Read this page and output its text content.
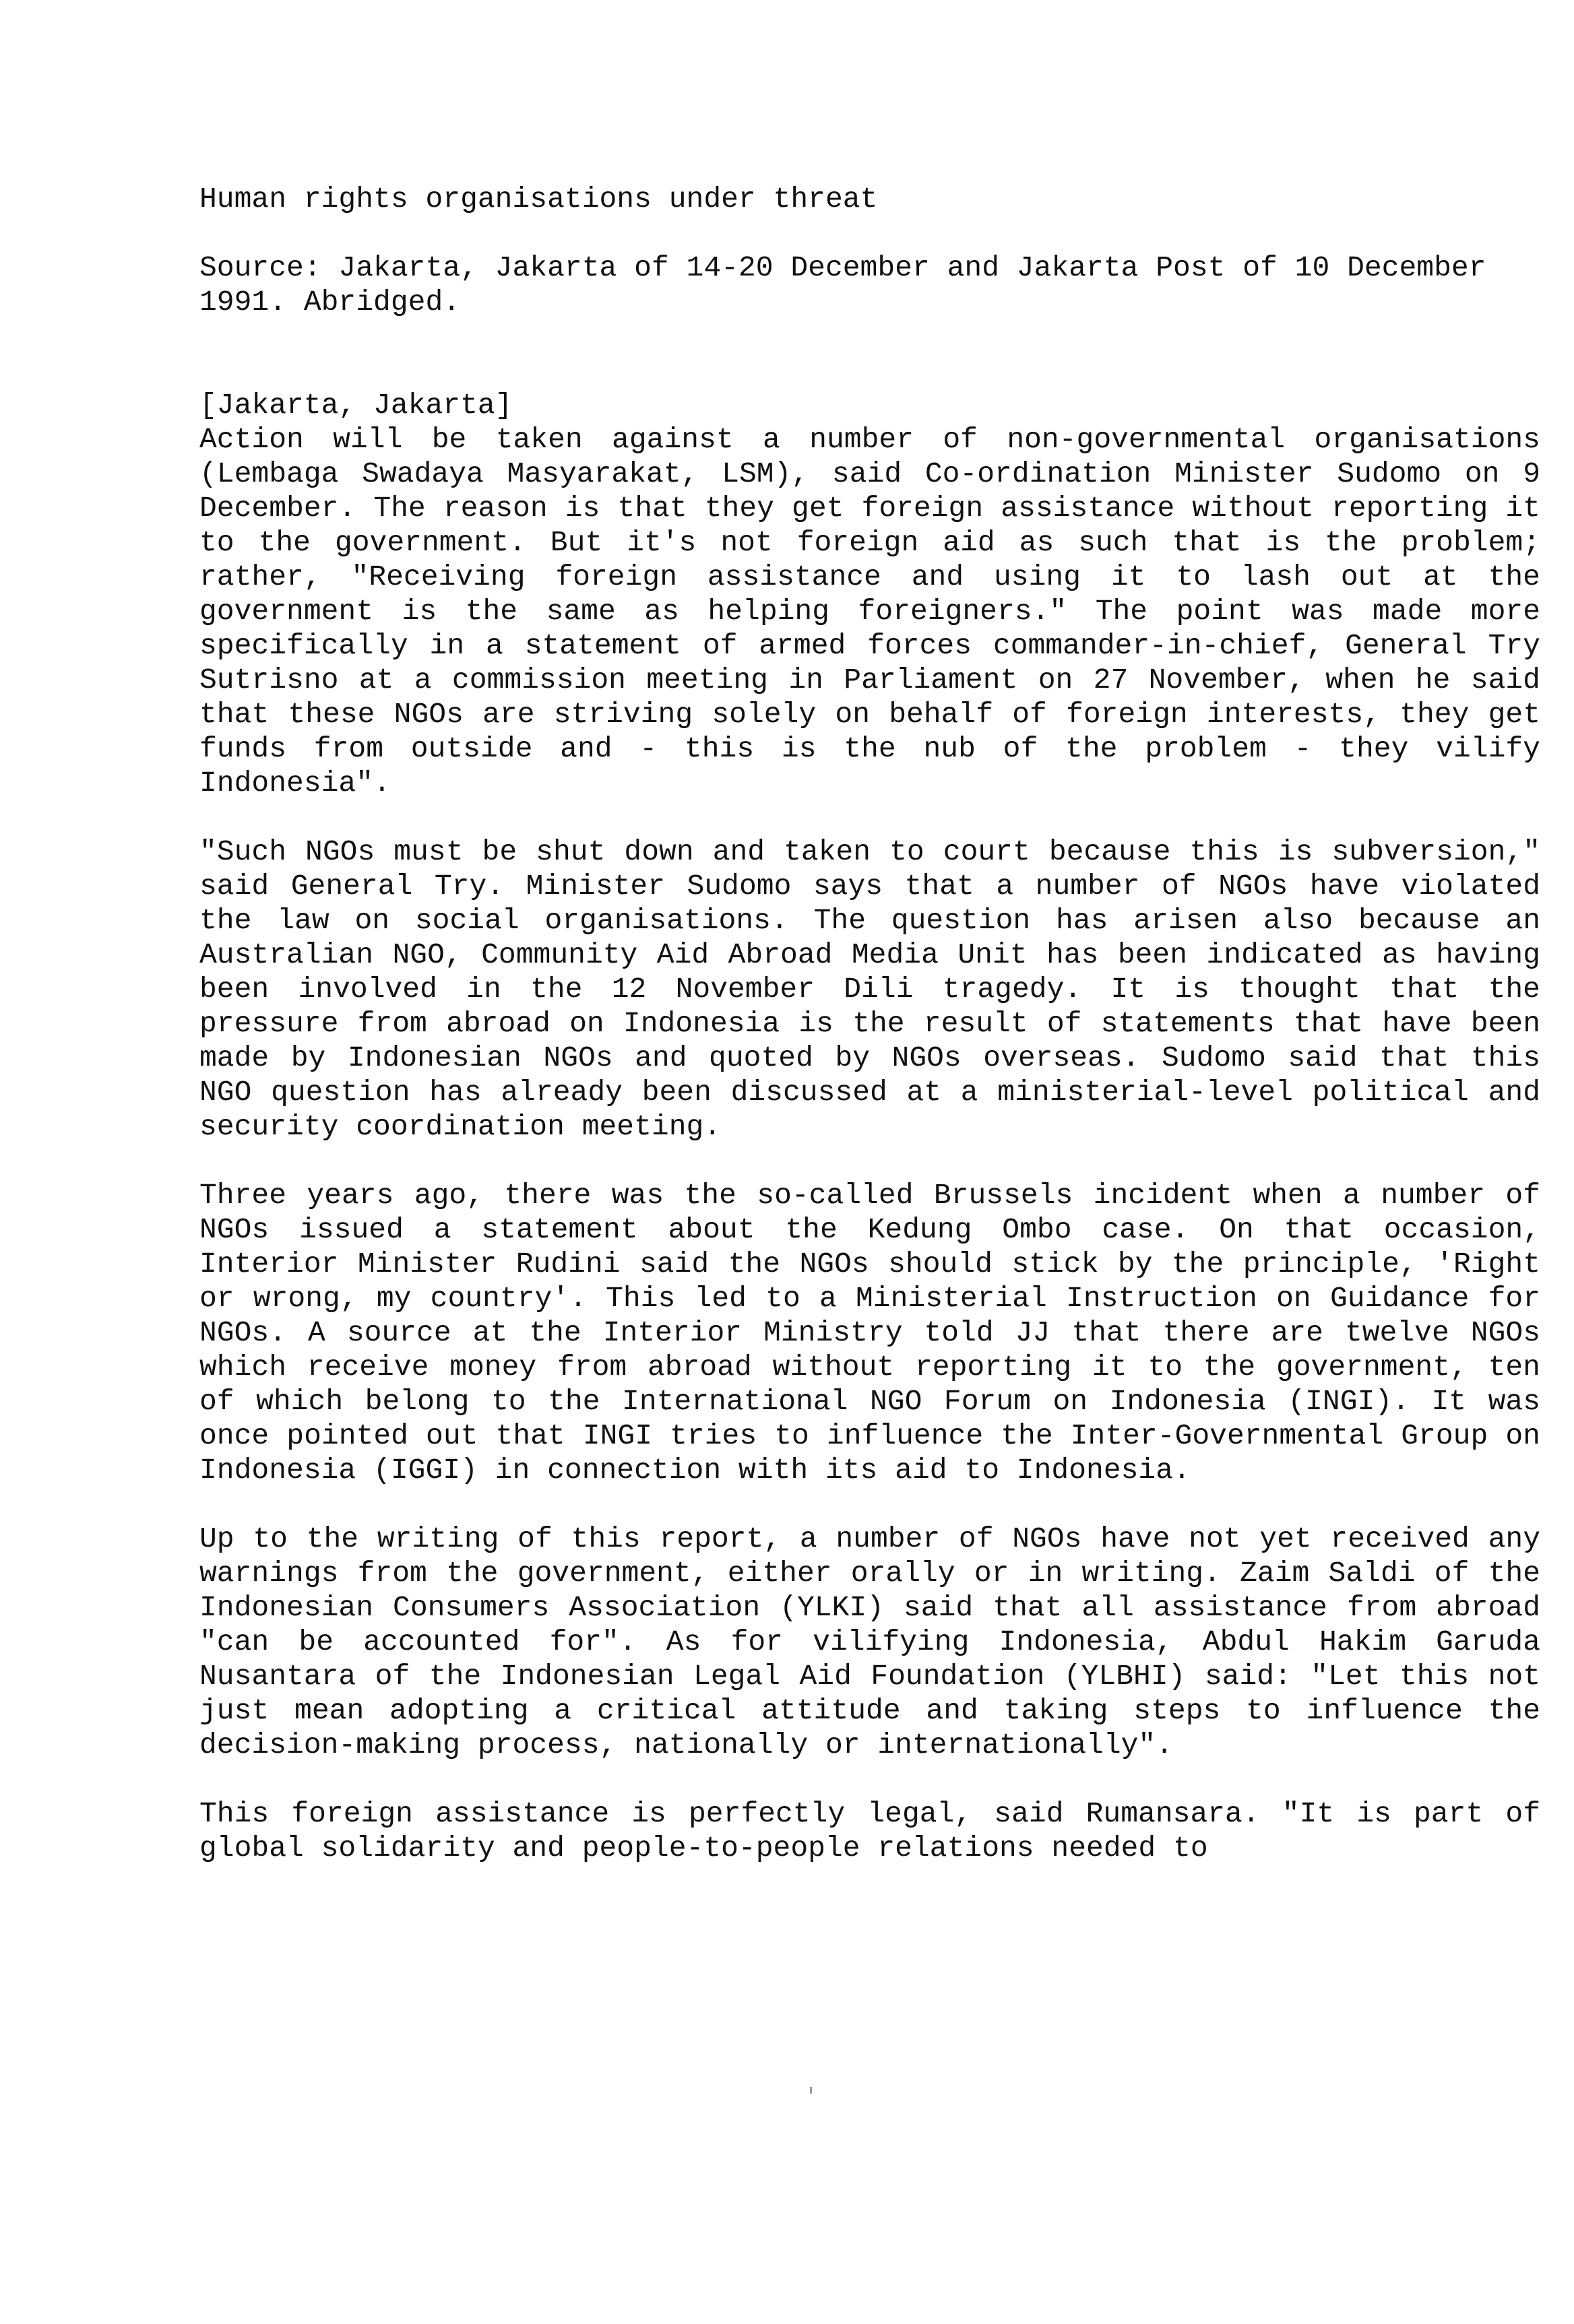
Human rights organisations under threat
Source: Jakarta, Jakarta of 14-20 December and Jakarta Post of 10 December 1991. Abridged.
[Jakarta, Jakarta]
Action will be taken against a number of non-governmental organisations (Lembaga Swadaya Masyarakat, LSM), said Co-ordination Minister Sudomo on 9 December. The reason is that they get foreign assistance without reporting it to the government. But it's not foreign aid as such that is the problem; rather, "Receiving foreign assistance and using it to lash out at the government is the same as helping foreigners." The point was made more specifically in a statement of armed forces commander-in-chief, General Try Sutrisno at a commission meeting in Parliament on 27 November, when he said that these NGOs are striving solely on behalf of foreign interests, they get funds from outside and - this is the nub of the problem - they vilify Indonesia".
"Such NGOs must be shut down and taken to court because this is subversion," said General Try. Minister Sudomo says that a number of NGOs have violated the law on social organisations. The question has arisen also because an Australian NGO, Community Aid Abroad Media Unit has been indicated as having been involved in the 12 November Dili tragedy. It is thought that the pressure from abroad on Indonesia is the result of statements that have been made by Indonesian NGOs and quoted by NGOs overseas. Sudomo said that this NGO question has already been discussed at a ministerial-level political and security coordination meeting.
Three years ago, there was the so-called Brussels incident when a number of NGOs issued a statement about the Kedung Ombo case. On that occasion, Interior Minister Rudini said the NGOs should stick by the principle, 'Right or wrong, my country'. This led to a Ministerial Instruction on Guidance for NGOs. A source at the Interior Ministry told JJ that there are twelve NGOs which receive money from abroad without reporting it to the government, ten of which belong to the International NGO Forum on Indonesia (INGI). It was once pointed out that INGI tries to influence the Inter-Governmental Group on Indonesia (IGGI) in connection with its aid to Indonesia.
Up to the writing of this report, a number of NGOs have not yet received any warnings from the government, either orally or in writing. Zaim Saldi of the Indonesian Consumers Association (YLKI) said that all assistance from abroad "can be accounted for". As for vilifying Indonesia, Abdul Hakim Garuda Nusantara of the Indonesian Legal Aid Foundation (YLBHI) said: "Let this not just mean adopting a critical attitude and taking steps to influence the decision-making process, nationally or internationally".
This foreign assistance is perfectly legal, said Rumansara. "It is part of global solidarity and people-to-people relations needed to
